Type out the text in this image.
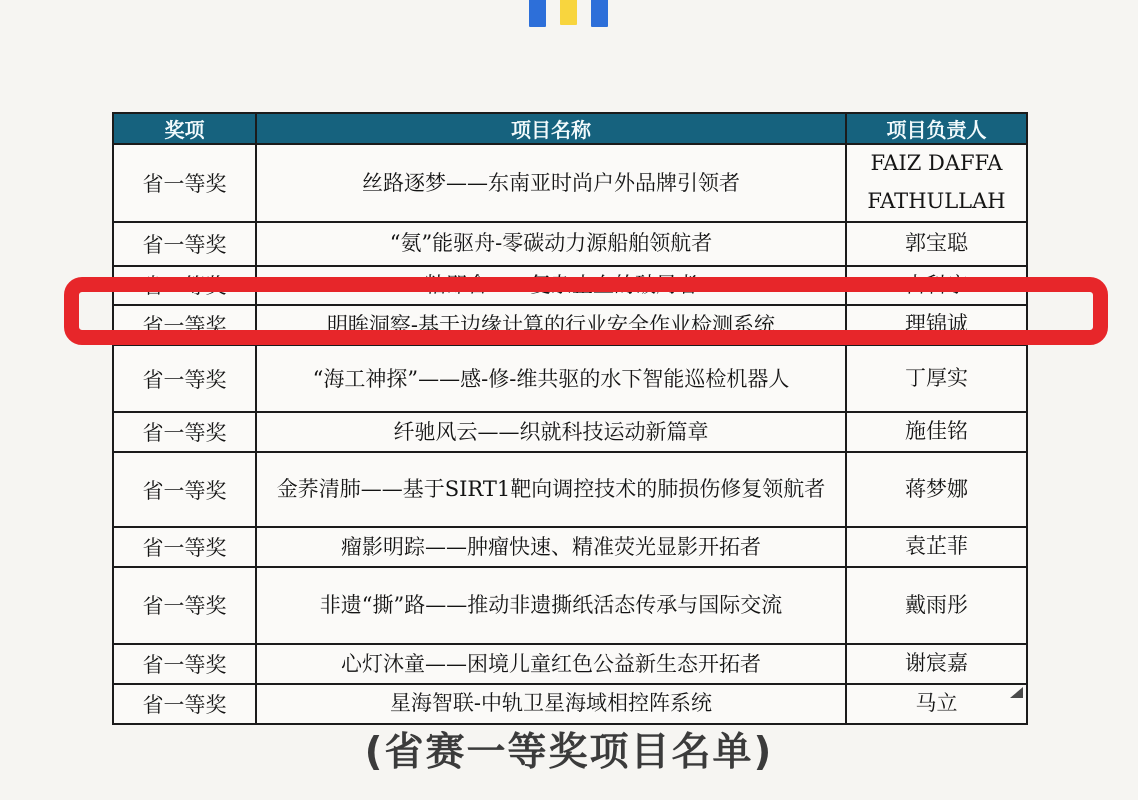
奖项	项目名称	项目负责人
省一等奖	丝路逐梦——东南亚时尚户外品牌引领者	FAIZ DAFFA FATHULLAH
省一等奖	“氨”能驱舟-零碳动力源船舶领航者	郭宝聪
省一等奖	一粘即合——复杂止血的破局者	占科宇
省一等奖	明眸洞察-基于边缘计算的行业安全作业检测系统	理锦诚
省一等奖	“海工神探”——感-修-维共驱的水下智能巡检机器人	丁厚实
省一等奖	纤驰风云——织就科技运动新篇章	施佳铭
省一等奖	金荞清肺——基于SIRT1靶向调控技术的肺损伤修复领航者	蒋梦娜
省一等奖	瘤影明踪——肿瘤快速、精准荧光显影开拓者	袁芷菲
省一等奖	非遗“撕”路——推动非遗撕纸活态传承与国际交流	戴雨彤
省一等奖	心灯沐童——困境儿童红色公益新生态开拓者	谢宸嘉
省一等奖	星海智联-中轨卫星海域相控阵系统	马立
(省赛一等奖项目名单)
